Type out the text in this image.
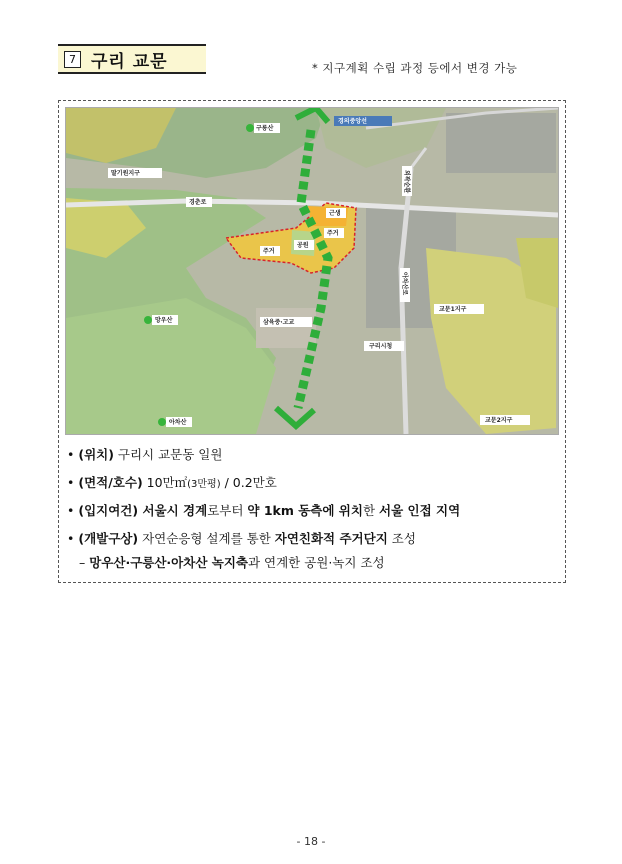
7 구리 교문	* 지구계획 수립 과정 등에서 변경 가능
구릉산
딸기원지구
경춘로
경의중앙선
외곽순환
근생
주거
주거
공원
아차산로
망우산	삼육중·고교
구리시청
교문1지구
교문2지구
아차산
• (위치) 구리시 교문동 일원
• (면적/호수) 10만㎡(3만평) / 0.2만호
• (입지여건) 서울시 경계로부터 약 1km 동측에 위치한 서울 인접 지역
• (개발구상) 자연순응형 설계를 통한 자연친화적 주거단지 조성
– 망우산·구릉산·아차산 녹지축과 연계한 공원·녹지 조성
- 18 -
